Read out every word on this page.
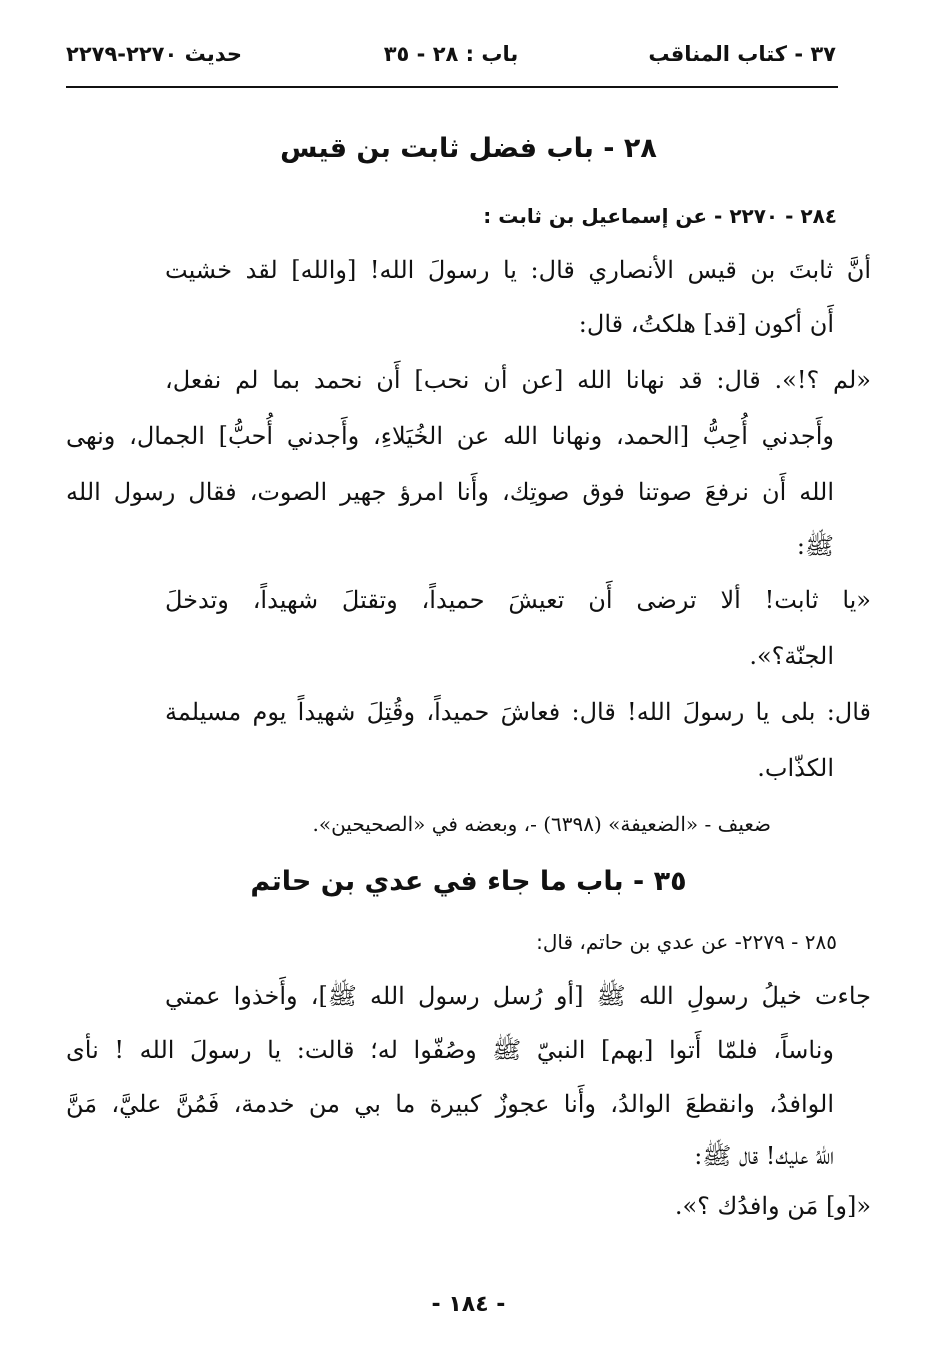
٣٧ - كتاب المناقب
باب : ٢٨ - ٣٥
حديث ٢٢٧٠-٢٢٧٩
٢٨ - باب فضل ثابت بن قيس
٢٨٤ - ٢٢٧٠ - عن إسماعيل بن ثابت :
أنَّ ثابتَ بن قيس الأنصاري قال: يا رسولَ الله! [والله] لقد خشيت
أَن أكون [قد] هلكتُ، قال:
«لم ؟!». قال: قد نهانا الله [عن أن نحب] أَن نحمد بما لم نفعل،
وأَجدني أُحِبُّ [الحمد، ونهانا الله عن الخُيَلاءِ، وأَجدني أُحبُّ] الجمال، ونهى
الله أَن نرفعَ صوتنا فوق صوتِك، وأَنا امرؤ جهير الصوت، فقال رسول الله
ﷺ:
«يا ثابت! ألا ترضى أَن تعيشَ حميداً، وتقتلَ شهيداً، وتدخلَ
الجنّة؟».
قال: بلى يا رسولَ الله! قال: فعاشَ حميداً، وقُتِلَ شهيداً يوم مسيلمة
الكذّاب.
ضعيف - «الضعيفة» (٦٣٩٨) -، وبعضه في «الصحيحين».
٣٥ - باب ما جاء في عدي بن حاتم
٢٨٥ - ٢٢٧٩- عن عدي بن حاتم، قال:
جاءت خيلُ رسولِ الله ﷺ [أو رُسل رسول الله ﷺ]، وأَخذوا عمتي
وناساً، فلمّا أَتوا [بهم] النبيّ ﷺ وصُفّوا له؛ قالت: يا رسولَ الله ! نأى
الوافدُ، وانقطعَ الوالدُ، وأَنا عجوزٌ كبيرة ما بي من خدمة، فَمُنَّ عليَّ، مَنَّ
اللهُ عليك! قال ﷺ:
«[و] مَن وافدُك ؟».
- ١٨٤ -
